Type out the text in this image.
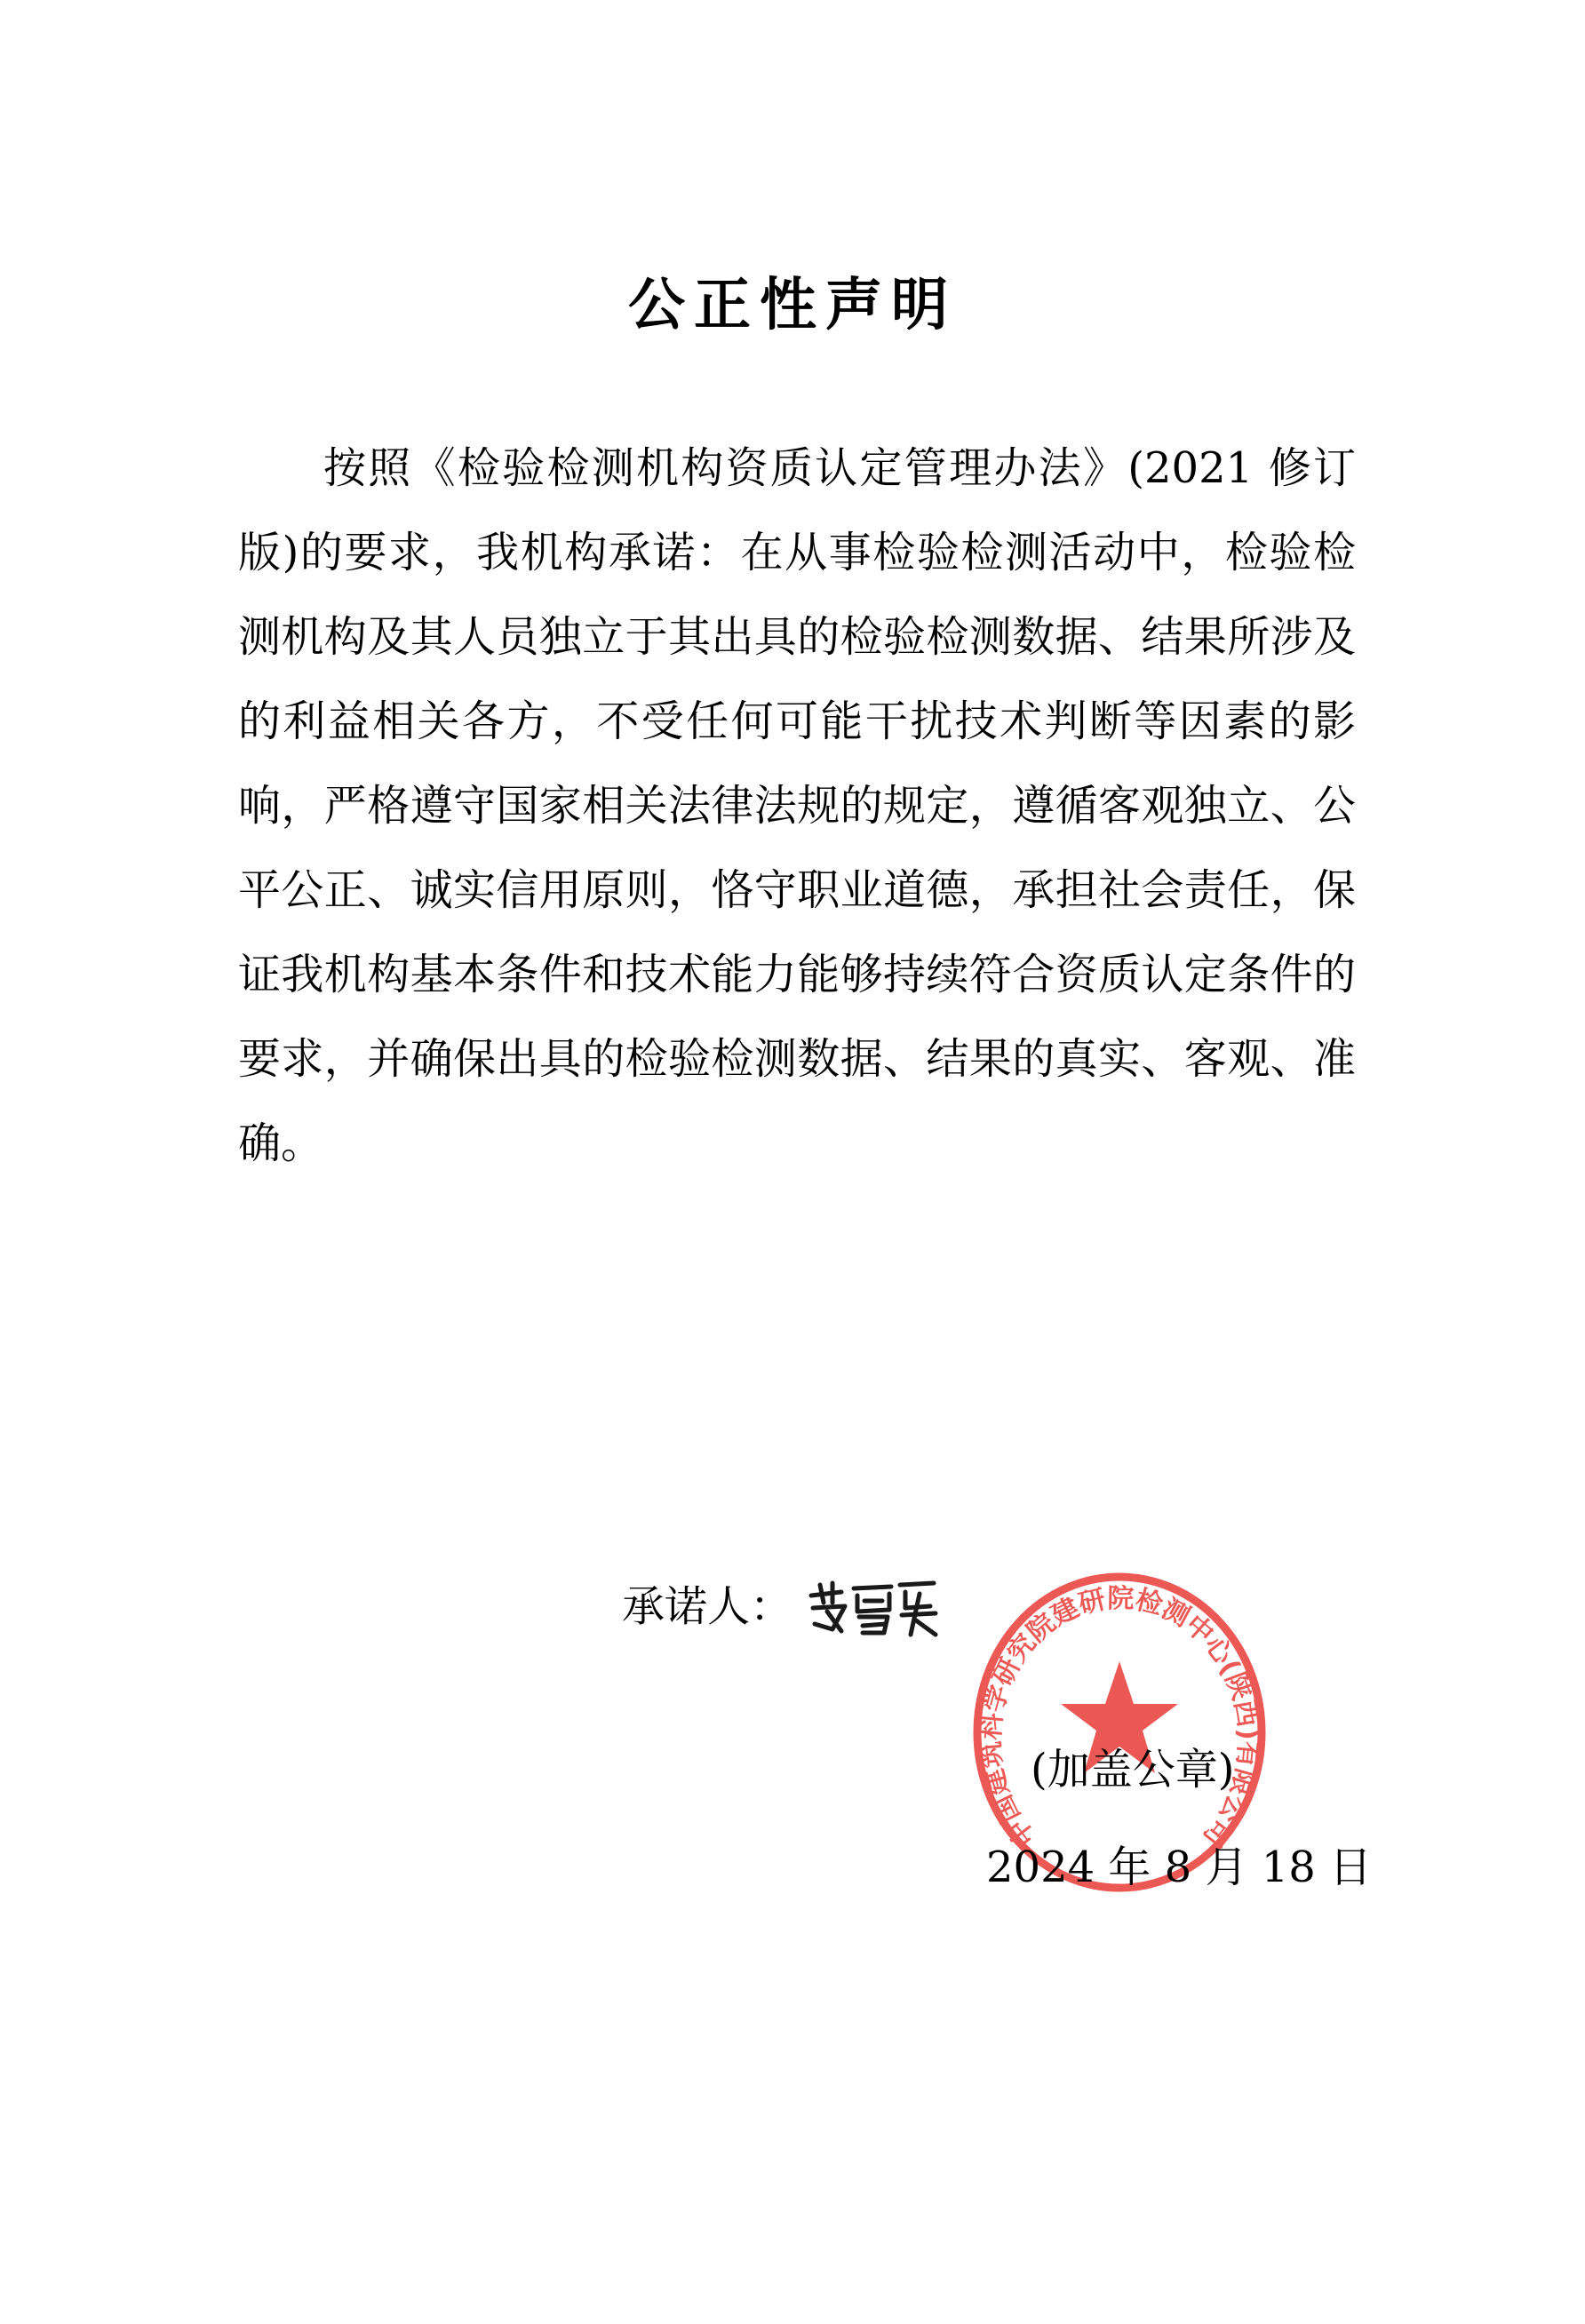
公正性声明

按照《检验检测机构资质认定管理办法》(2021 修订版)的要求，我机构承诺：在从事检验检测活动中，检验检测机构及其人员独立于其出具的检验检测数据、结果所涉及的利益相关各方，不受任何可能干扰技术判断等因素的影响，严格遵守国家相关法律法规的规定，遵循客观独立、公平公正、诚实信用原则，恪守职业道德，承担社会责任，保证我机构基本条件和技术能力能够持续符合资质认定条件的要求，并确保出具的检验检测数据、结果的真实、客观、准确。

承诺人：
(加盖公章)
2024 年 8 月 18 日
中国建筑科学研究院建研院检测中心(陕西)有限公司
